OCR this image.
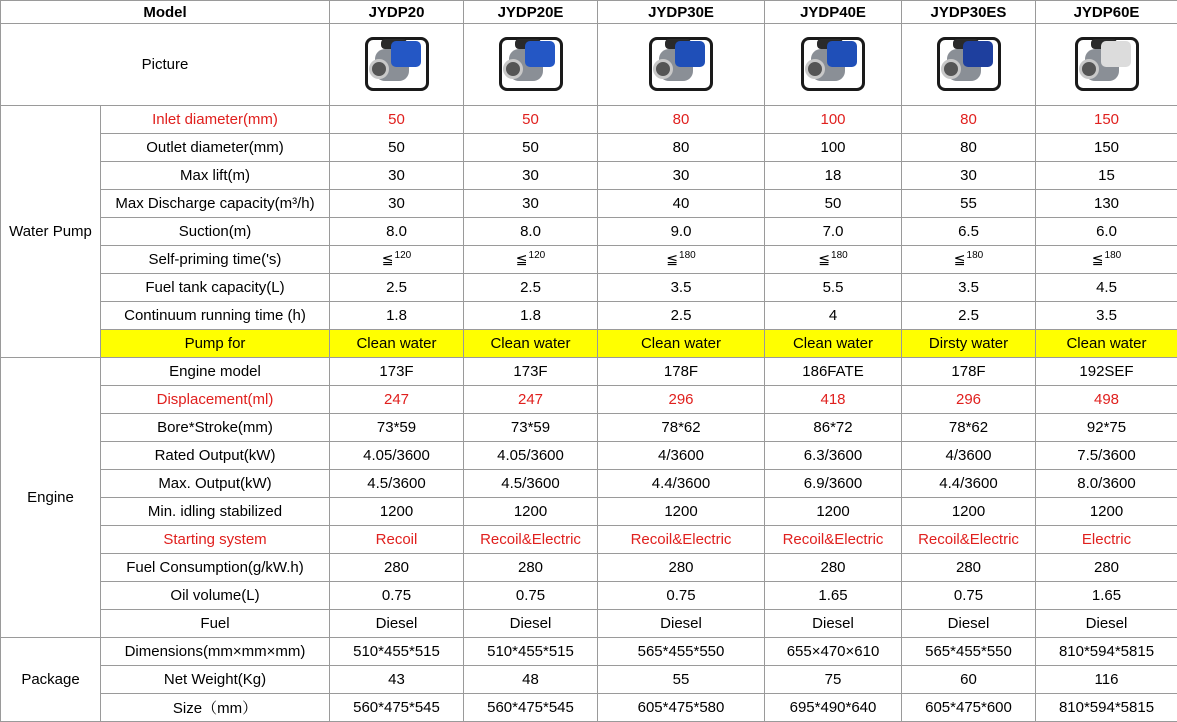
Model		JYDP20	JYDP20E	JYDP30E	JYDP40E	JYDP30ES	JYDP60E
Picture		

Water Pump	Inlet diameter(mm)	50	50	80	100	80	150
	Outlet diameter(mm)	50	50	80	100	80	150
	Max lift(m)	30	30	30	18	30	15
	Max Discharge capacity(m³/h)	30	30	40	50	55	130
	Suction(m)	8.0	8.0	9.0	7.0	6.5	6.0
	Self-priming time('s)	≦$^{120}$	≦$^{120}$	≦$^{180}$	≦$^{180}$	≦$^{180}$	≦$^{180}$
	Fuel tank capacity(L)	2.5	2.5	3.5	5.5	3.5	4.5
	Continuum running time (h)	1.8	1.8	2.5	4	2.5	3.5
	Pump for	Clean water	Clean water	Clean water	Clean water	Dirsty water	Clean water
Engine	Engine model	173F	173F	178F	186FATE	178F	192SEF
	Displacement(ml)	247	247	296	418	296	498
	Bore*Stroke(mm)	73*59	73*59	78*62	86*72	78*62	92*75
	Rated Output(kW)	4.05/3600	4.05/3600	4/3600	6.3/3600	4/3600	7.5/3600
	Max. Output(kW)	4.5/3600	4.5/3600	4.4/3600	6.9/3600	4.4/3600	8.0/3600
	Min. idling stabilized	1200	1200	1200	1200	1200	1200
	Starting system	Recoil	Recoil&Electric	Recoil&Electric	Recoil&Electric	Recoil&Electric	Electric
	Fuel Consumption(g/kW.h)	280	280	280	280	280	280
	Oil volume(L)	0.75	0.75	0.75	1.65	0.75	1.65
	Fuel	Diesel	Diesel	Diesel	Diesel	Diesel	Diesel
Package	Dimensions(mm×mm×mm)	510*455*515	510*455*515	565*455*550	655×470×610	565*455*550	810*594*5815
	Net Weight(Kg)	43	48	55	75	60	116
	Size（mm）	560*475*545	560*475*545	605*475*580	695*490*640	605*475*600	810*594*5815
